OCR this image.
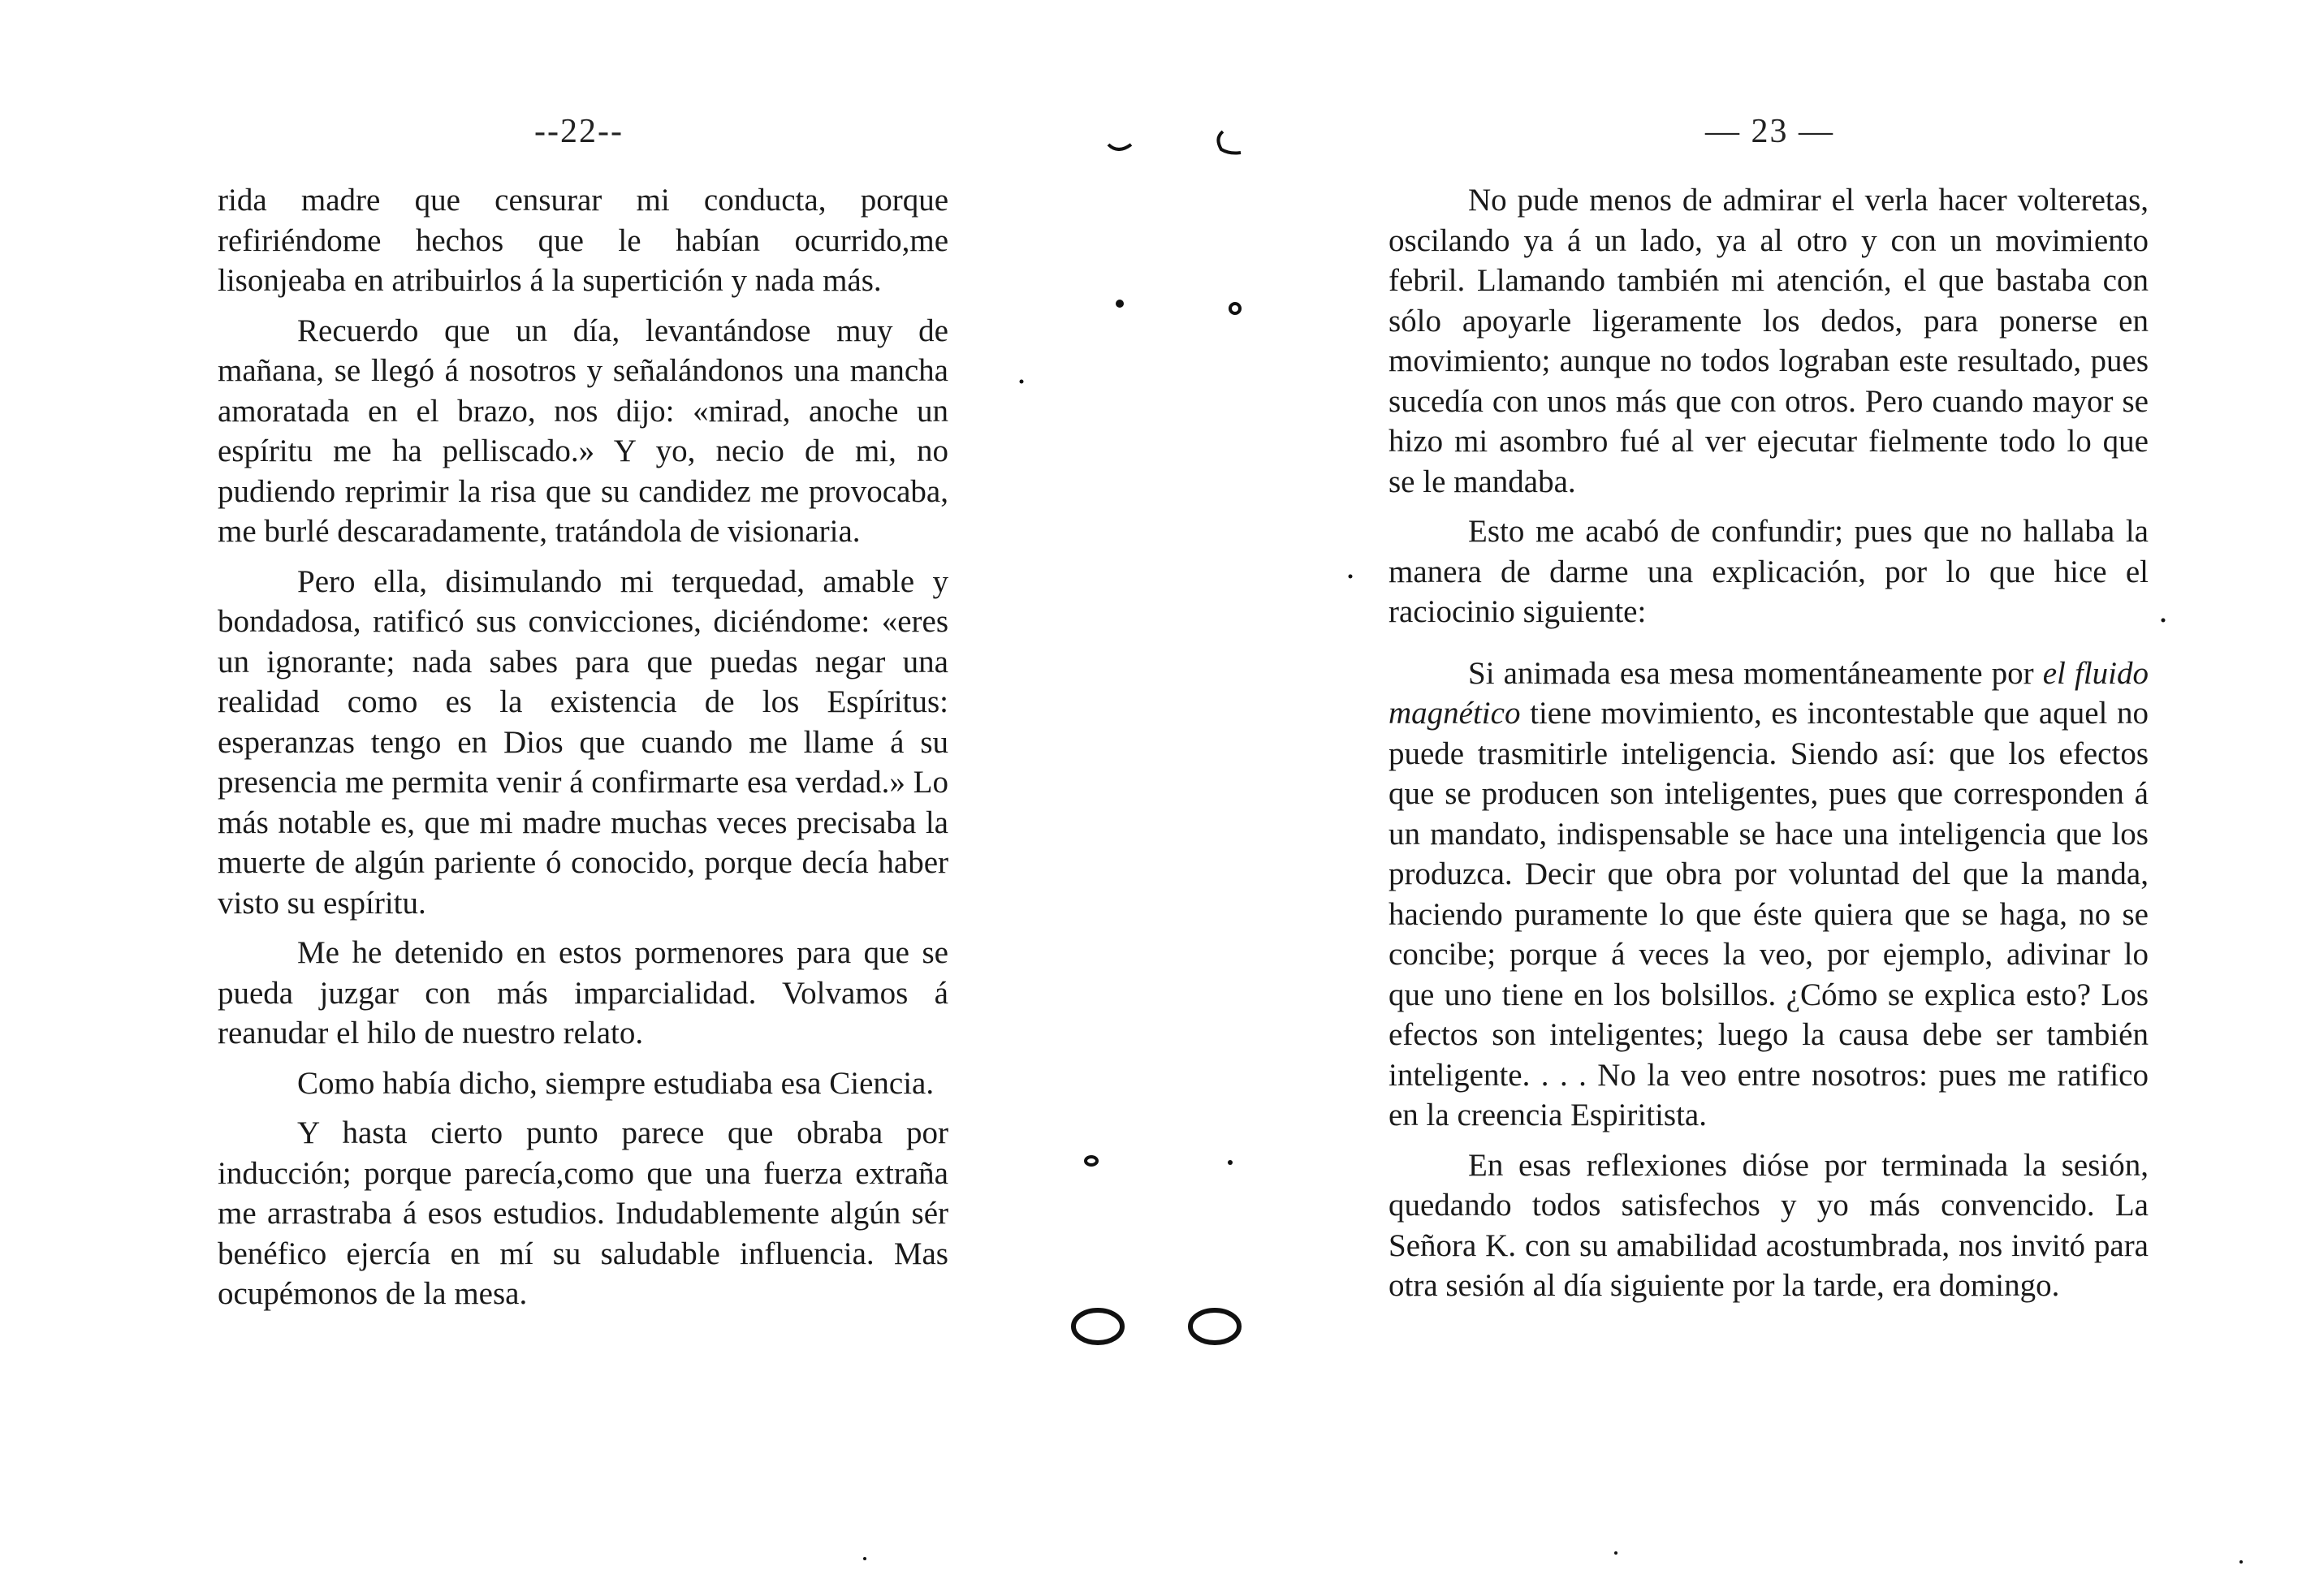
--22--

rida madre que censurar mi conducta, porque refiriéndome hechos que le habían ocurrido,me lisonjeaba en atribuirlos á la supertición y nada más.

Recuerdo que un día, levantándose muy de mañana, se llegó á nosotros y señalándonos una mancha amoratada en el brazo, nos dijo: «mirad, anoche un espíritu me ha pelliscado.» Y yo, necio de mi, no pudiendo reprimir la risa que su candidez me provocaba, me burlé descaradamente, tratándola de visionaria.

Pero ella, disimulando mi terquedad, amable y bondadosa, ratificó sus convicciones, diciéndome: «eres un ignorante; nada sabes para que puedas negar una realidad como es la existencia de los Espíritus: esperanzas tengo en Dios que cuando me llame á su presencia me permita venir á confirmarte esa verdad.» Lo más notable es, que mi madre muchas veces precisaba la muerte de algún pariente ó conocido, porque decía haber visto su espíritu.

Me he detenido en estos pormenores para que se pueda juzgar con más imparcialidad. Volvamos á reanudar el hilo de nuestro relato.

Como había dicho, siempre estudiaba esa Ciencia.

Y hasta cierto punto parece que obraba por inducción; porque parecía,como que una fuerza extraña me arrastraba á esos estudios. Indudablemente algún sér benéfico ejercía en mí su saludable influencia. Mas ocupémonos de la mesa.

— 23 —

No pude menos de admirar el verla hacer volteretas, oscilando ya á un lado, ya al otro y con un movimiento febril. Llamando también mi atención, el que bastaba con sólo apoyarle ligeramente los dedos, para ponerse en movimiento; aunque no todos lograban este resultado, pues sucedía con unos más que con otros. Pero cuando mayor se hizo mi asombro fué al ver ejecutar fielmente todo lo que se le mandaba.

Esto me acabó de confundir; pues que no hallaba la manera de darme una explicación, por lo que hice el raciocinio siguiente:

Si animada esa mesa momentáneamente por el fluido magnético tiene movimiento, es incontestable que aquel no puede trasmitirle inteligencia. Siendo así: que los efectos que se producen son inteligentes, pues que corresponden á un mandato, indispensable se hace una inteligencia que los produzca. Decir que obra por voluntad del que la manda, haciendo puramente lo que éste quiera que se haga, no se concibe; porque á veces la veo, por ejemplo, adivinar lo que uno tiene en los bolsillos. ¿Cómo se explica esto? Los efectos son inteligentes; luego la causa debe ser también inteligente. . . . No la veo entre nosotros: pues me ratifico en la creencia Espiritista.

En esas reflexiones dióse por terminada la sesión, quedando todos satisfechos y yo más convencido. La Señora K. con su amabilidad acostumbrada, nos invitó para otra sesión al día siguiente por la tarde, era domingo.
